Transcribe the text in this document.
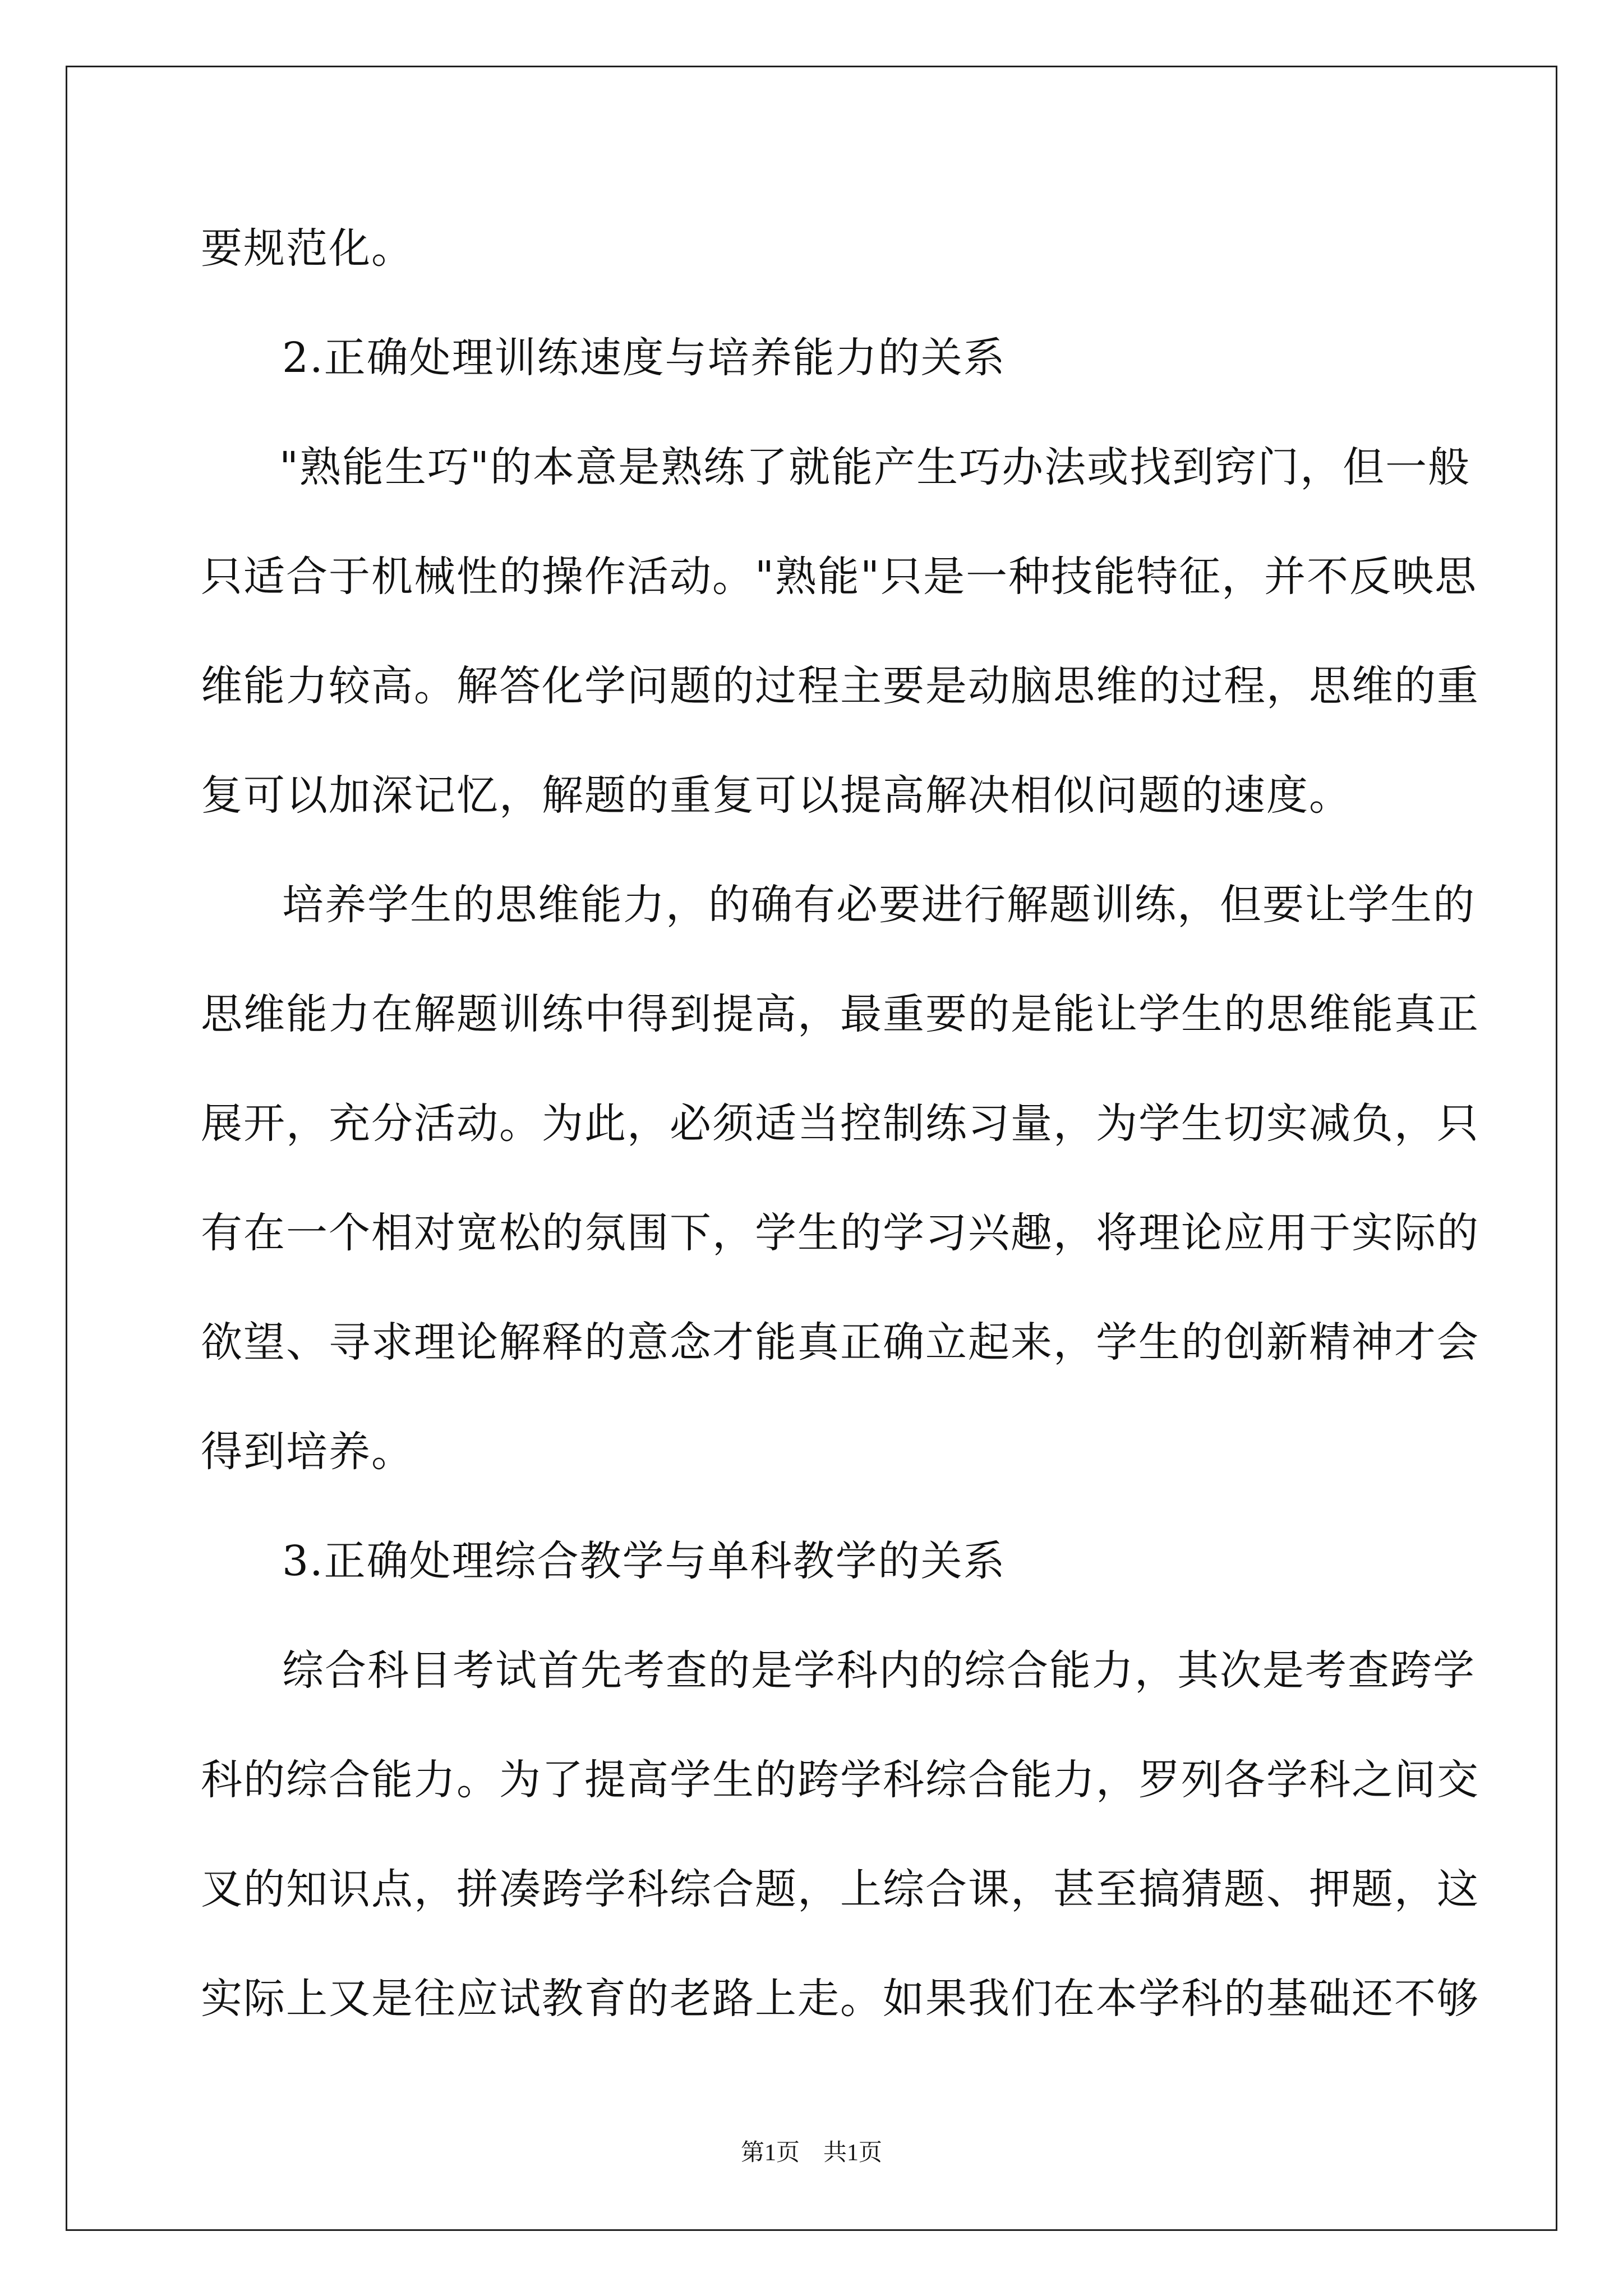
要规范化。
2.正确处理训练速度与培养能力的关系
"熟能生巧"的本意是熟练了就能产生巧办法或找到窍门，但一般
只适合于机械性的操作活动。"熟能"只是一种技能特征，并不反映思
维能力较高。解答化学问题的过程主要是动脑思维的过程，思维的重
复可以加深记忆，解题的重复可以提高解决相似问题的速度。
培养学生的思维能力，的确有必要进行解题训练，但要让学生的
思维能力在解题训练中得到提高，最重要的是能让学生的思维能真正
展开，充分活动。为此，必须适当控制练习量，为学生切实减负，只
有在一个相对宽松的氛围下，学生的学习兴趣，将理论应用于实际的
欲望、寻求理论解释的意念才能真正确立起来，学生的创新精神才会
得到培养。
3.正确处理综合教学与单科教学的关系
综合科目考试首先考查的是学科内的综合能力，其次是考查跨学
科的综合能力。为了提高学生的跨学科综合能力，罗列各学科之间交
叉的知识点，拼凑跨学科综合题，上综合课，甚至搞猜题、押题，这
实际上又是往应试教育的老路上走。如果我们在本学科的基础还不够
第1页　共1页
